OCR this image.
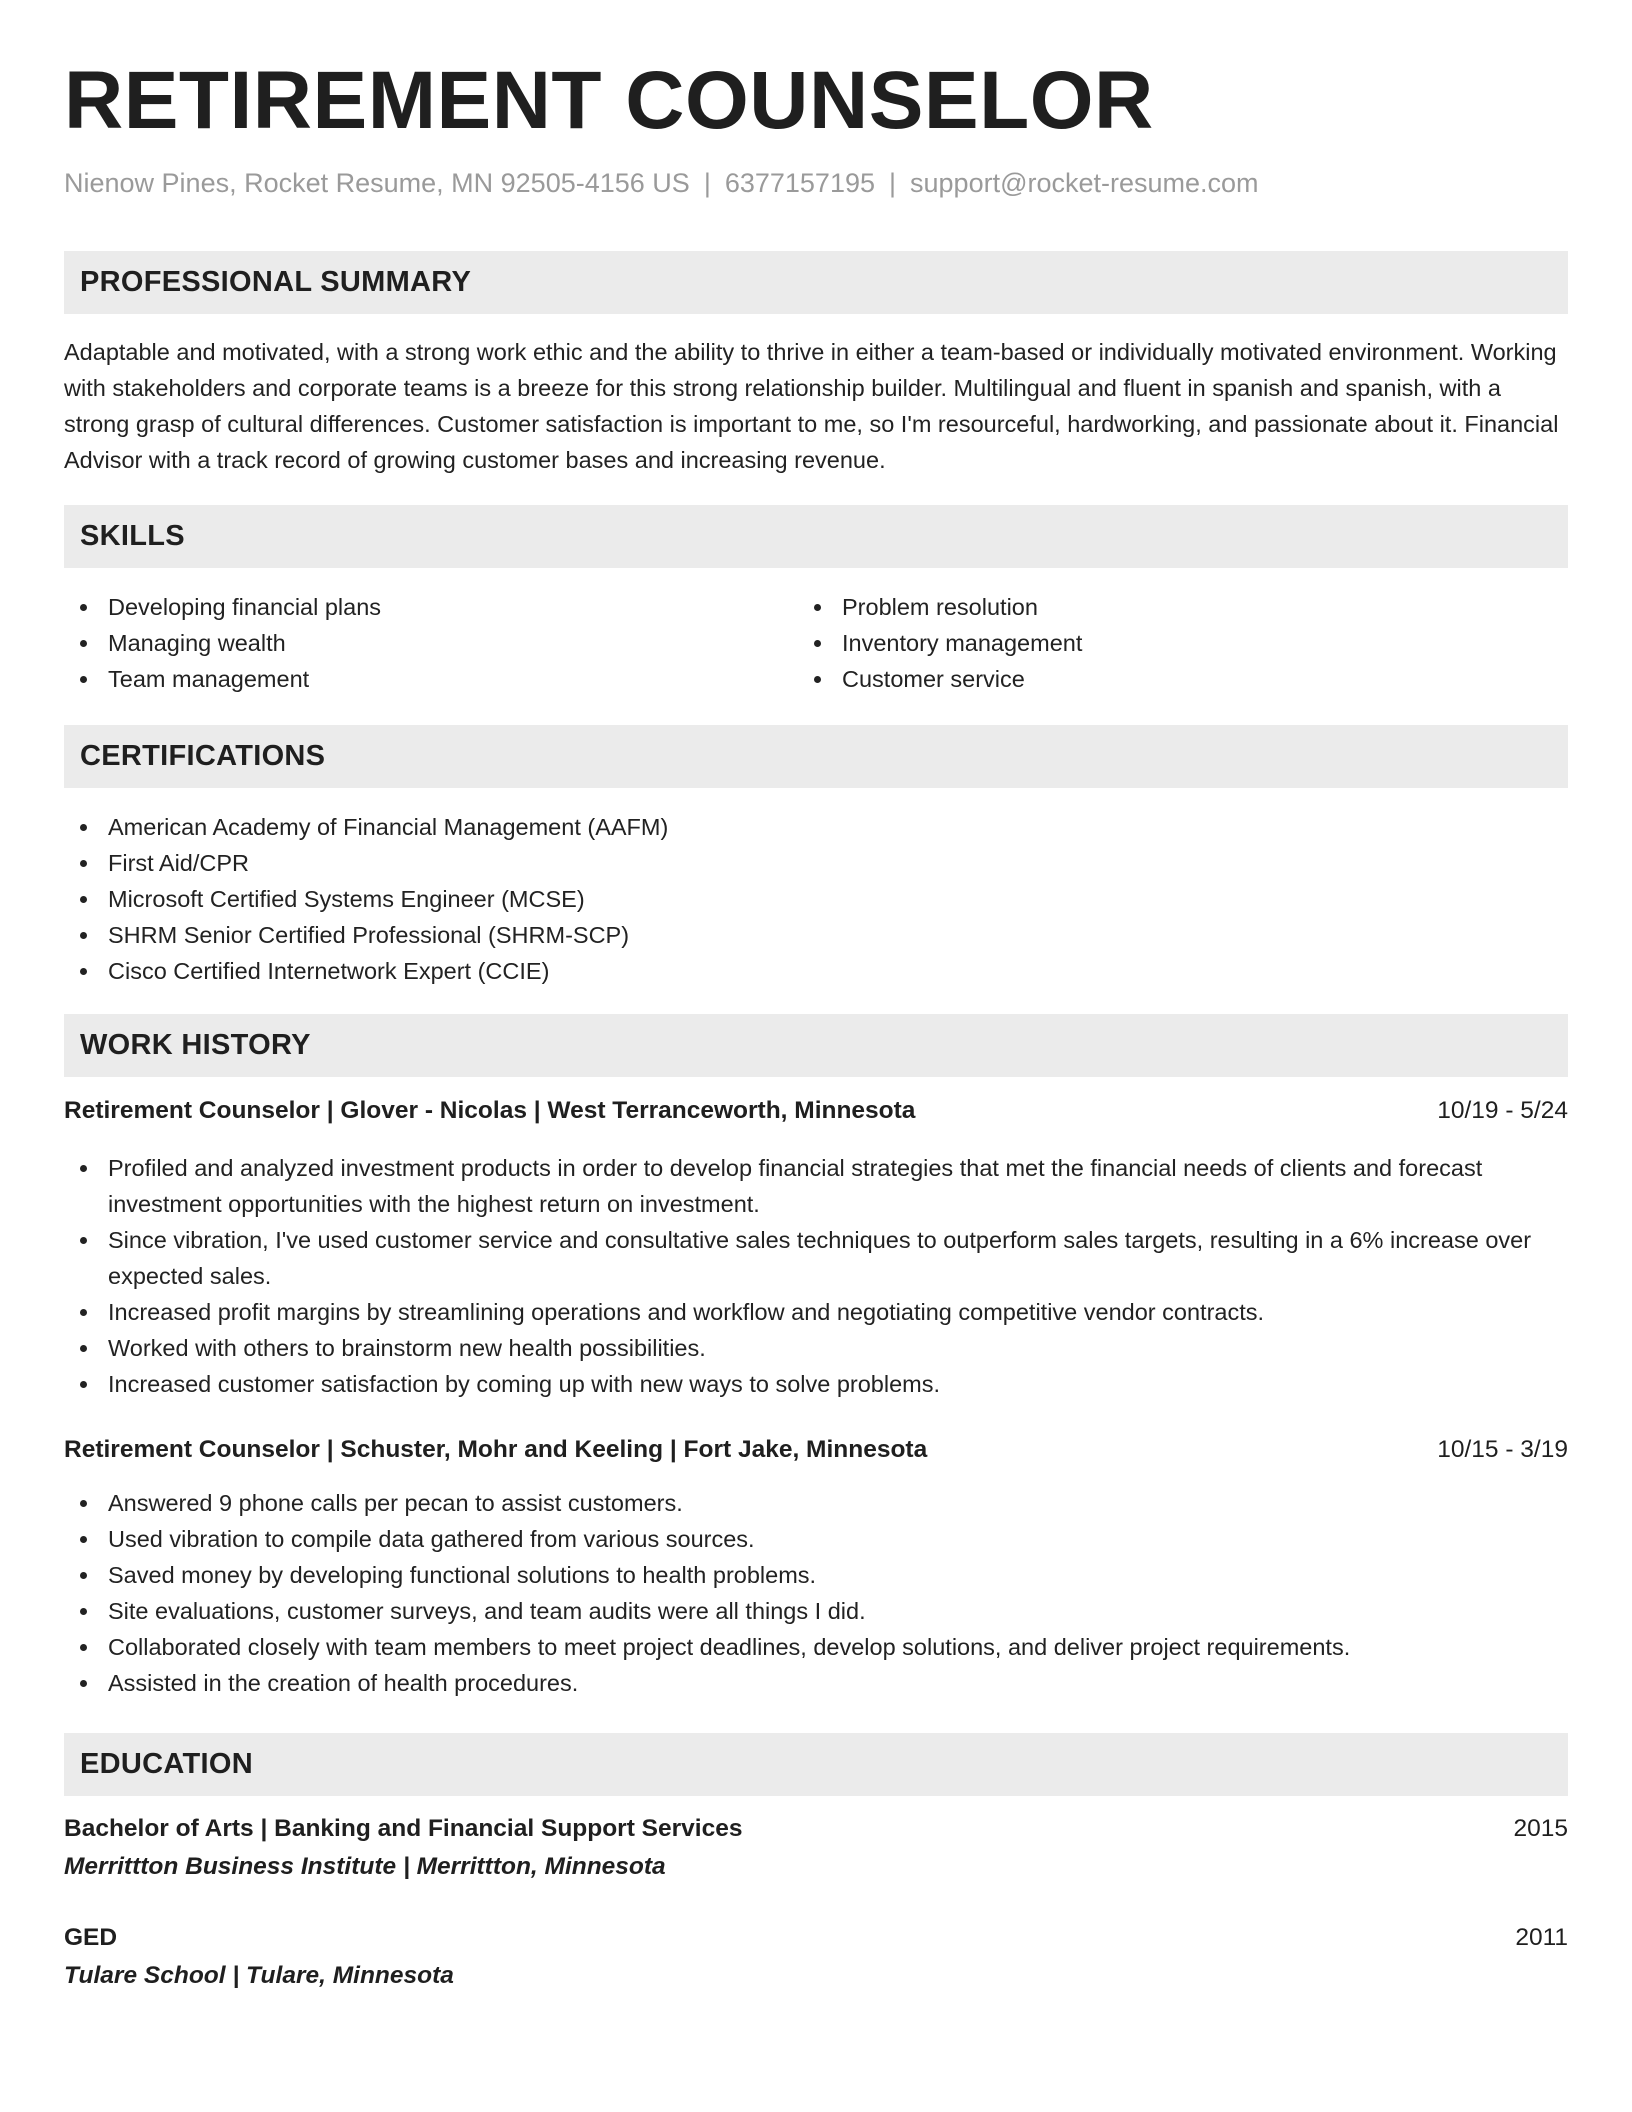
RETIREMENT COUNSELOR
Nienow Pines, Rocket Resume, MN 92505-4156 US | 6377157195 | support@rocket-resume.com
PROFESSIONAL SUMMARY
Adaptable and motivated, with a strong work ethic and the ability to thrive in either a team-based or individually motivated environment. Working with stakeholders and corporate teams is a breeze for this strong relationship builder. Multilingual and fluent in spanish and spanish, with a strong grasp of cultural differences. Customer satisfaction is important to me, so I'm resourceful, hardworking, and passionate about it. Financial Advisor with a track record of growing customer bases and increasing revenue.
SKILLS
Developing financial plans
Managing wealth
Team management
Problem resolution
Inventory management
Customer service
CERTIFICATIONS
American Academy of Financial Management (AAFM)
First Aid/CPR
Microsoft Certified Systems Engineer (MCSE)
SHRM Senior Certified Professional (SHRM-SCP)
Cisco Certified Internetwork Expert (CCIE)
WORK HISTORY
Retirement Counselor | Glover - Nicolas | West Terranceworth, Minnesota	10/19 - 5/24
Profiled and analyzed investment products in order to develop financial strategies that met the financial needs of clients and forecast investment opportunities with the highest return on investment.
Since vibration, I've used customer service and consultative sales techniques to outperform sales targets, resulting in a 6% increase over expected sales.
Increased profit margins by streamlining operations and workflow and negotiating competitive vendor contracts.
Worked with others to brainstorm new health possibilities.
Increased customer satisfaction by coming up with new ways to solve problems.
Retirement Counselor | Schuster, Mohr and Keeling | Fort Jake, Minnesota	10/15 - 3/19
Answered 9 phone calls per pecan to assist customers.
Used vibration to compile data gathered from various sources.
Saved money by developing functional solutions to health problems.
Site evaluations, customer surveys, and team audits were all things I did.
Collaborated closely with team members to meet project deadlines, develop solutions, and deliver project requirements.
Assisted in the creation of health procedures.
EDUCATION
Bachelor of Arts | Banking and Financial Support Services	2015
Merrittton Business Institute | Merrittton, Minnesota
GED	2011
Tulare School | Tulare, Minnesota
